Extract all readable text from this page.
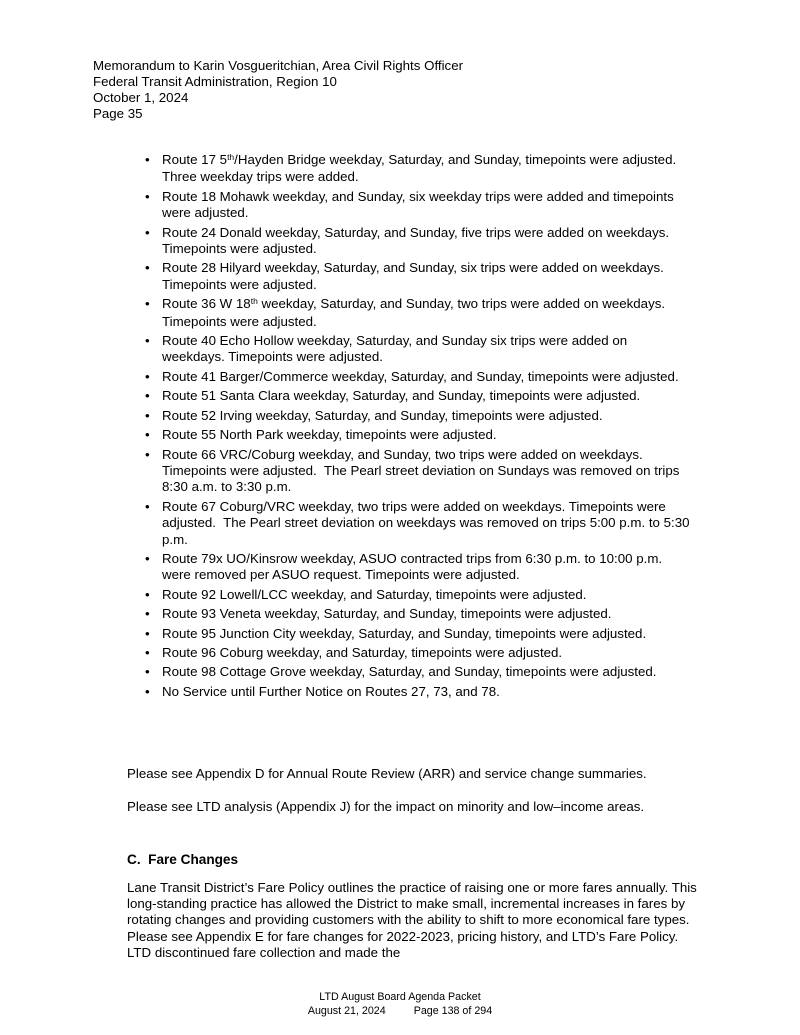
Memorandum to Karin Vosgueritchian, Area Civil Rights Officer
Federal Transit Administration, Region 10
October 1, 2024
Page 35
• Route 17 5th/Hayden Bridge weekday, Saturday, and Sunday, timepoints were adjusted.  Three weekday trips were added.
• Route 18 Mohawk weekday, and Sunday, six weekday trips were added and timepoints were adjusted.
• Route 24 Donald weekday, Saturday, and Sunday, five trips were added on weekdays.  Timepoints were adjusted.
• Route 28 Hilyard weekday, Saturday, and Sunday, six trips were added on weekdays. Timepoints were adjusted.
• Route 36 W 18th weekday, Saturday, and Sunday, two trips were added on weekdays. Timepoints were adjusted.
• Route 40 Echo Hollow weekday, Saturday, and Sunday six trips were added on weekdays. Timepoints were adjusted.
• Route 41 Barger/Commerce weekday, Saturday, and Sunday, timepoints were adjusted.
• Route 51 Santa Clara weekday, Saturday, and Sunday, timepoints were adjusted.
• Route 52 Irving weekday, Saturday, and Sunday, timepoints were adjusted.
• Route 55 North Park weekday, timepoints were adjusted.
• Route 66 VRC/Coburg weekday, and Sunday, two trips were added on weekdays. Timepoints were adjusted.  The Pearl street deviation on Sundays was removed on trips 8:30 a.m. to 3:30 p.m.
• Route 67 Coburg/VRC weekday, two trips were added on weekdays. Timepoints were adjusted.  The Pearl street deviation on weekdays was removed on trips 5:00 p.m. to 5:30 p.m.
• Route 79x UO/Kinsrow weekday, ASUO contracted trips from 6:30 p.m. to 10:00 p.m. were removed per ASUO request. Timepoints were adjusted.
• Route 92 Lowell/LCC weekday, and Saturday, timepoints were adjusted.
• Route 93 Veneta weekday, Saturday, and Sunday, timepoints were adjusted.
• Route 95 Junction City weekday, Saturday, and Sunday, timepoints were adjusted.
• Route 96 Coburg weekday, and Saturday, timepoints were adjusted.
• Route 98 Cottage Grove weekday, Saturday, and Sunday, timepoints were adjusted.
• No Service until Further Notice on Routes 27, 73, and 78.
Please see Appendix D for Annual Route Review (ARR) and service change summaries.
Please see LTD analysis (Appendix J) for the impact on minority and low–income areas.
C.  Fare Changes
Lane Transit District’s Fare Policy outlines the practice of raising one or more fares annually. This long-standing practice has allowed the District to make small, incremental increases in fares by rotating changes and providing customers with the ability to shift to more economical fare types. Please see Appendix E for fare changes for 2022-2023, pricing history, and LTD’s Fare Policy. LTD discontinued fare collection and made the
LTD August Board Agenda Packet
August 21, 2024	Page 138 of 294
